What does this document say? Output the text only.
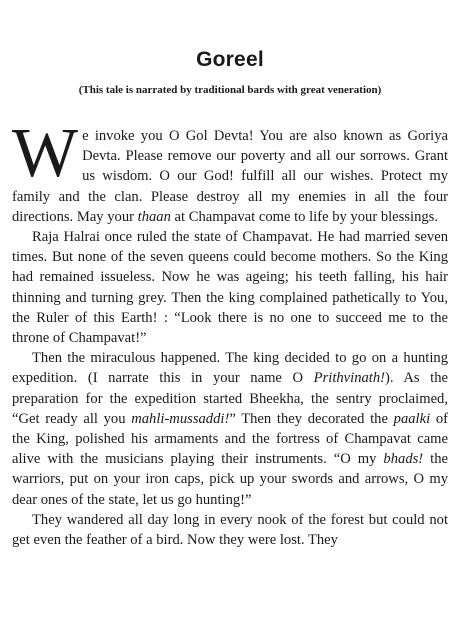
Goreel
(This tale is narrated by traditional bards with great veneration)

We invoke you O Gol Devta! You are also known as Goriya Devta. Please remove our poverty and all our sorrows. Grant us wisdom. O our God! fulfill all our wishes. Protect my family and the clan. Please destroy all my enemies in all the four directions. May your thaan at Champavat come to life by your blessings.

Raja Halrai once ruled the state of Champavat. He had married seven times. But none of the seven queens could become mothers. So the King had remained issueless. Now he was ageing; his teeth falling, his hair thinning and turning grey. Then the king complained pathetically to You, the Ruler of this Earth! : “Look there is no one to succeed me to the throne of Champavat!”

Then the miraculous happened. The king decided to go on a hunting expedition. (I narrate this in your name O Prithvinath!). As the preparation for the expedition started Bheekha, the sentry proclaimed, “Get ready all you mahli-mussaddi!” Then they decorated the paalki of the King, polished his armaments and the fortress of Champavat came alive with the musicians playing their instruments. “O my bhads! the warriors, put on your iron caps, pick up your swords and arrows, O my dear ones of the state, let us go hunting!”

They wandered all day long in every nook of the forest but could not get even the feather of a bird. Now they were lost. They
